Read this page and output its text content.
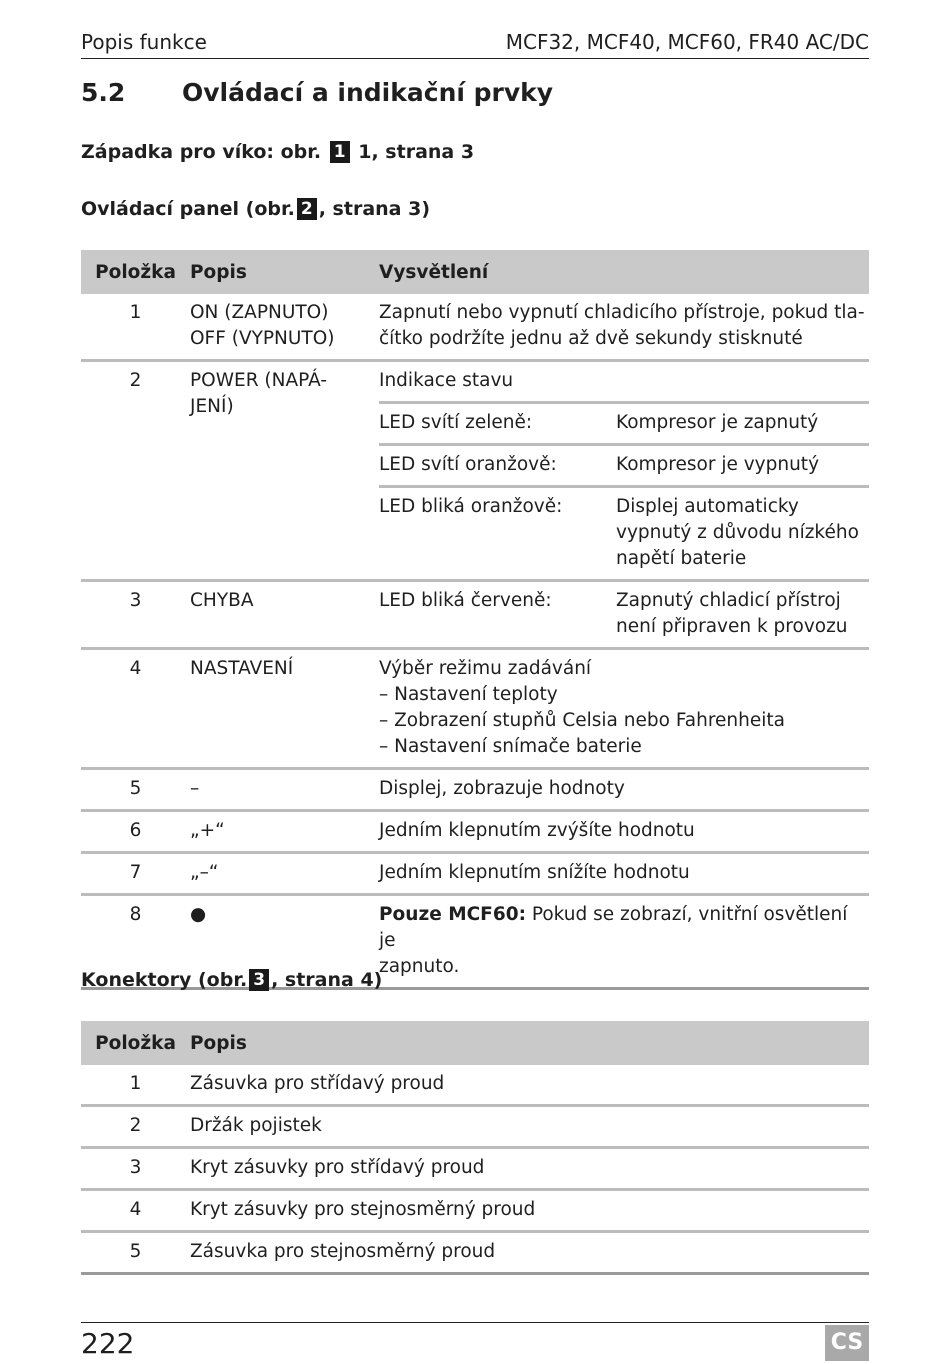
Popis funkce	MCF32, MCF40, MCF60, FR40 AC/DC
5.2 Ovládací a indikační prvky
Západka pro víko: obr. 1 1, strana 3
Ovládací panel (obr. 2 , strana 3)
Položka	Popis	Vysvětlení	
1	ON (ZAPNUTO)
OFF (VYPNUTO)	Zapnutí nebo vypnutí chladicího přístroje, pokud tla-
čítko podržíte jednu až dvě sekundy stisknuté	

2	POWER (NAPÁ-
JENÍ)	Indikace stavu	
		LED svítí zeleně:	Kompresor je zapnutý
		LED svítí oranžově:	Kompresor je vypnutý
		LED bliká oranžově:	Displej automaticky
vypnutý z důvodu nízkého
napětí baterie

3	CHYBA	LED bliká červeně:	Zapnutý chladicí přístroj
není připraven k provozu

4	NASTAVENÍ	Výběr režimu zadávání
– Nastavení teploty
– Zobrazení stupňů Celsia nebo Fahrenheita
– Nastavení snímače baterie	

5	–	Displej, zobrazuje hodnoty	
6	„+“	Jedním klepnutím zvýšíte hodnotu	
7	„–“	Jedním klepnutím snížíte hodnotu	
8	●	Pouze MCF60: Pokud se zobrazí, vnitřní osvětlení je
zapnuto.	
Konektory (obr. 3 , strana 4)
Položka	Popis
1	Zásuvka pro střídavý proud
2	Držák pojistek
3	Kryt zásuvky pro střídavý proud
4	Kryt zásuvky pro stejnosměrný proud
5	Zásuvka pro stejnosměrný proud
222	CS
